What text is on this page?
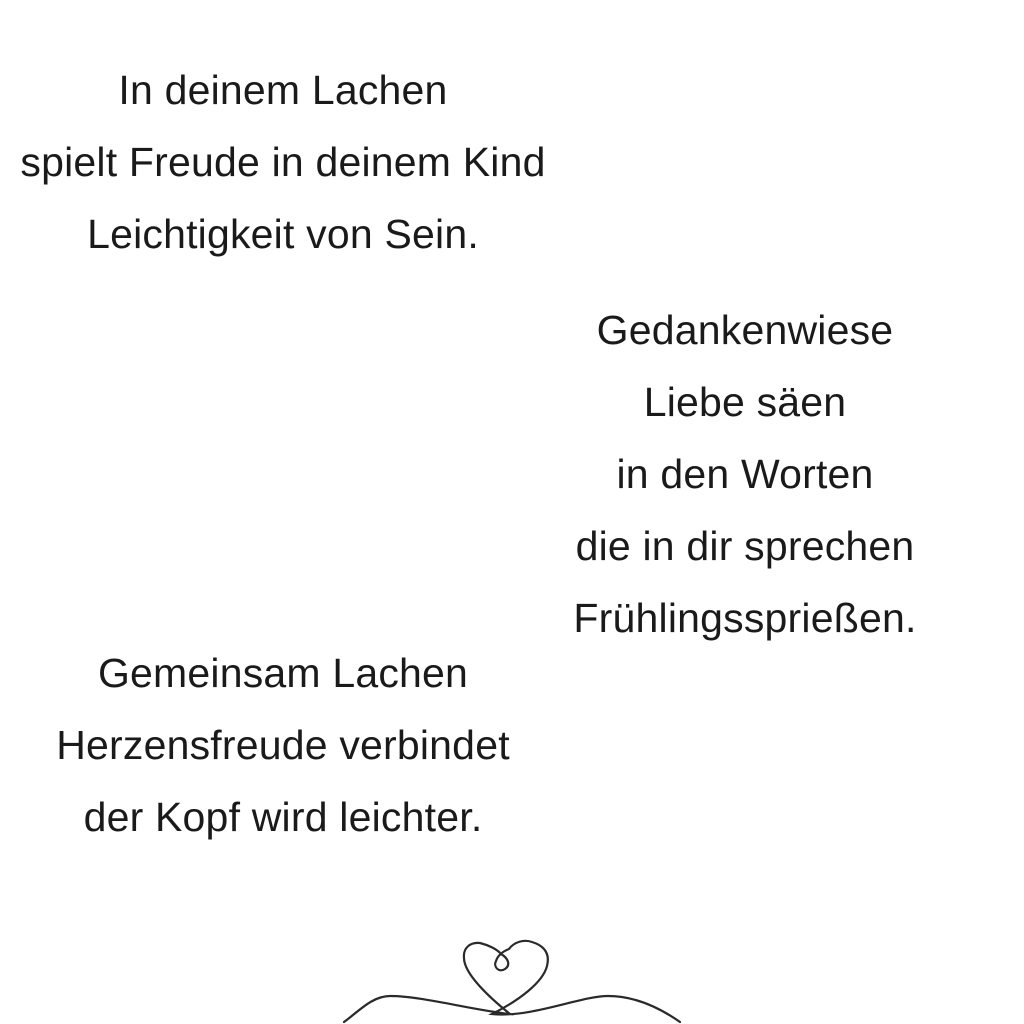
In deinem Lachen
spielt Freude in deinem Kind
Leichtigkeit von Sein.
Gedankenwiese
Liebe säen
in den Worten
die in dir sprechen
Frühlingssprießen.
Gemeinsam Lachen
Herzensfreude verbindet
der Kopf wird leichter.
